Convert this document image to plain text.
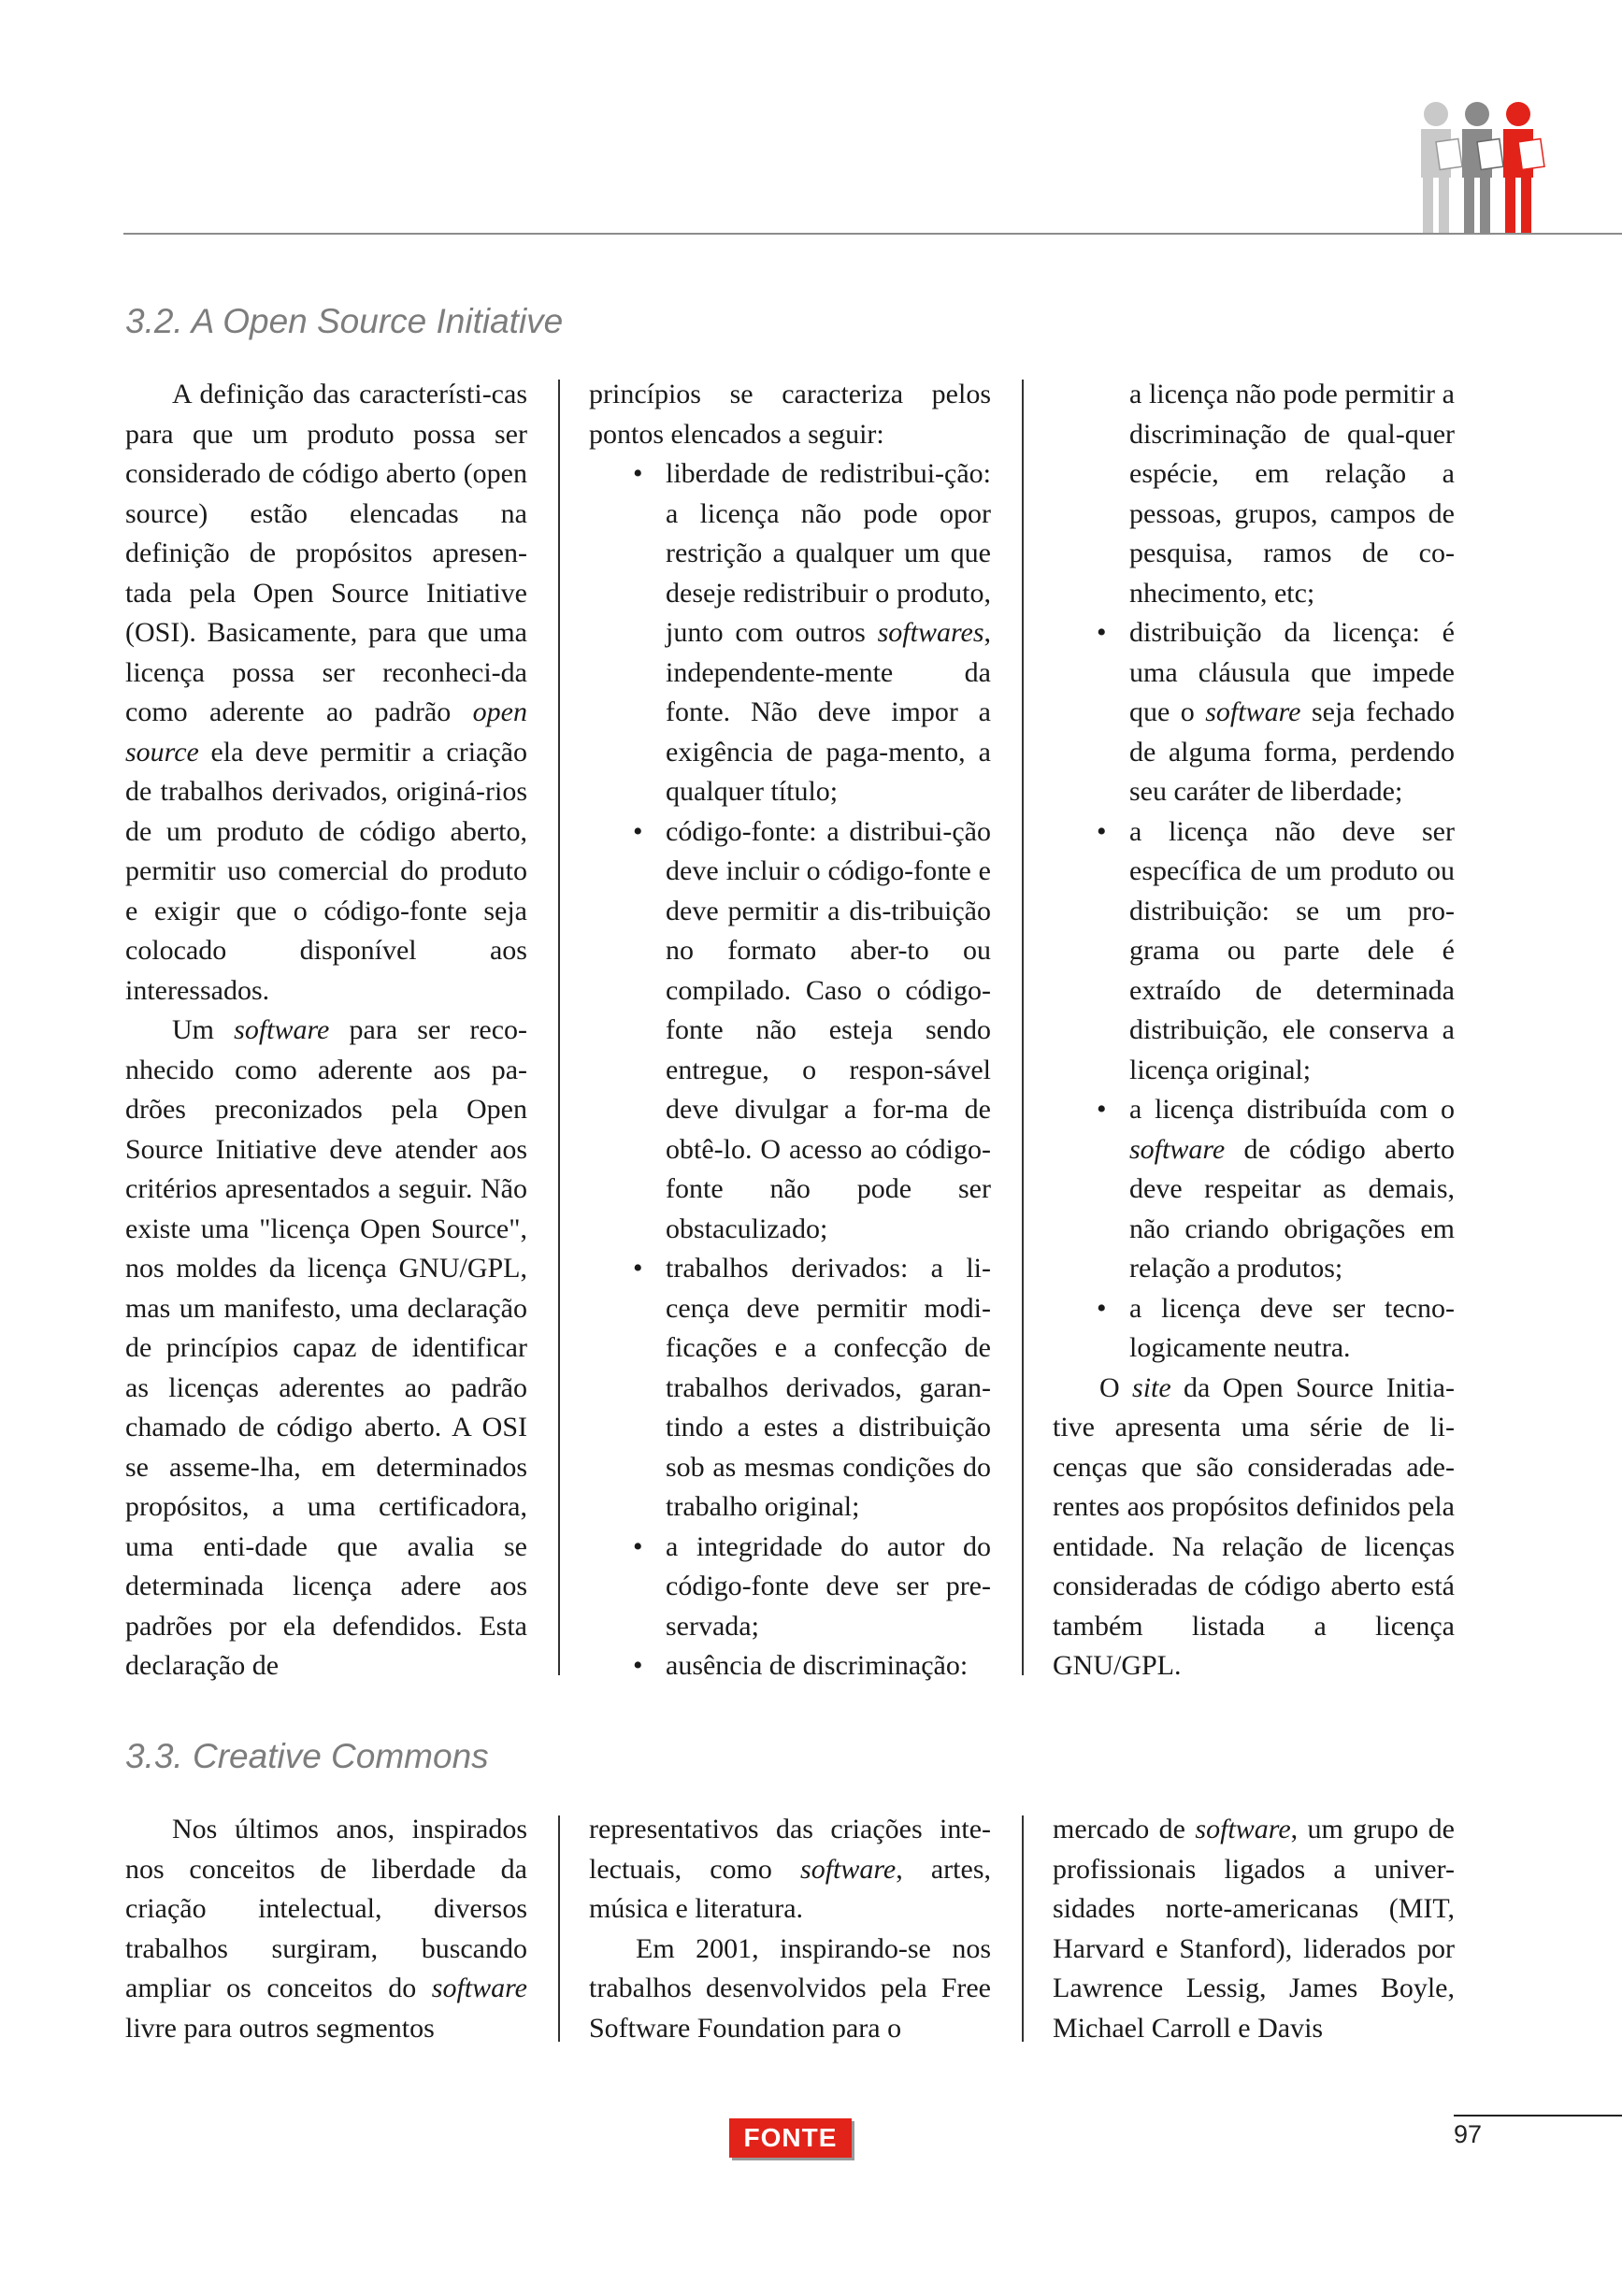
3.2. A Open Source Initiative

A definição das característi-cas para que um produto possa ser considerado de código aberto (open source) estão elencadas na definição de propósitos apresen-tada pela Open Source Initiative (OSI). Basicamente, para que uma licença possa ser reconheci-da como aderente ao padrão open source ela deve permitir a criação de trabalhos derivados, originá-rios de um produto de código aberto, permitir uso comercial do produto e exigir que o código-fonte seja colocado disponível aos interessados.

Um software para ser reco-nhecido como aderente aos pa-drões preconizados pela Open Source Initiative deve atender aos critérios apresentados a seguir. Não existe uma "licença Open Source", nos moldes da licença GNU/GPL, mas um manifesto, uma declaração de princípios capaz de identificar as licenças aderentes ao padrão chamado de código aberto. A OSI se asseme-lha, em determinados propósitos, a uma certificadora, uma enti-dade que avalia se determinada licença adere aos padrões por ela defendidos. Esta declaração de

princípios se caracteriza pelos pontos elencados a seguir:

• liberdade de redistribui-ção: a licença não pode opor restrição a qualquer um que deseje redistribuir o produto, junto com outros softwares, independente-mente da fonte. Não deve impor a exigência de paga-mento, a qualquer título;
• código-fonte: a distribui-ção deve incluir o código-fonte e deve permitir a dis-tribuição no formato aber-to ou compilado. Caso o código-fonte não esteja sendo entregue, o respon-sável deve divulgar a for-ma de obtê-lo. O acesso ao código-fonte não pode ser obstaculizado;
• trabalhos derivados: a li-cença deve permitir modi-ficações e a confecção de trabalhos derivados, garan-tindo a estes a distribuição sob as mesmas condições do trabalho original;
• a integridade do autor do código-fonte deve ser pre-servada;
• ausência de discriminação:

a licença não pode permitir a discriminação de qual-quer espécie, em relação a pessoas, grupos, campos de pesquisa, ramos de co-nhecimento, etc;

• distribuição da licença: é uma cláusula que impede que o software seja fechado de alguma forma, perdendo seu caráter de liberdade;
• a licença não deve ser específica de um produto ou distribuição: se um pro-grama ou parte dele é extraído de determinada distribuição, ele conserva a licença original;
• a licença distribuída com o software de código aberto deve respeitar as demais, não criando obrigações em relação a produtos;
• a licença deve ser tecno-logicamente neutra.

O site da Open Source Initia-tive apresenta uma série de li-cenças que são consideradas ade-rentes aos propósitos definidos pela entidade. Na relação de licenças consideradas de código aberto está também listada a licença GNU/GPL.

3.3. Creative Commons

Nos últimos anos, inspirados nos conceitos de liberdade da criação intelectual, diversos trabalhos surgiram, buscando ampliar os conceitos do software livre para outros segmentos

representativos das criações inte-lectuais, como software, artes, música e literatura.

Em 2001, inspirando-se nos trabalhos desenvolvidos pela Free Software Foundation para o

mercado de software, um grupo de profissionais ligados a univer-sidades norte-americanas (MIT, Harvard e Stanford), liderados por Lawrence Lessig, James Boyle, Michael Carroll e Davis

FONTE	97
